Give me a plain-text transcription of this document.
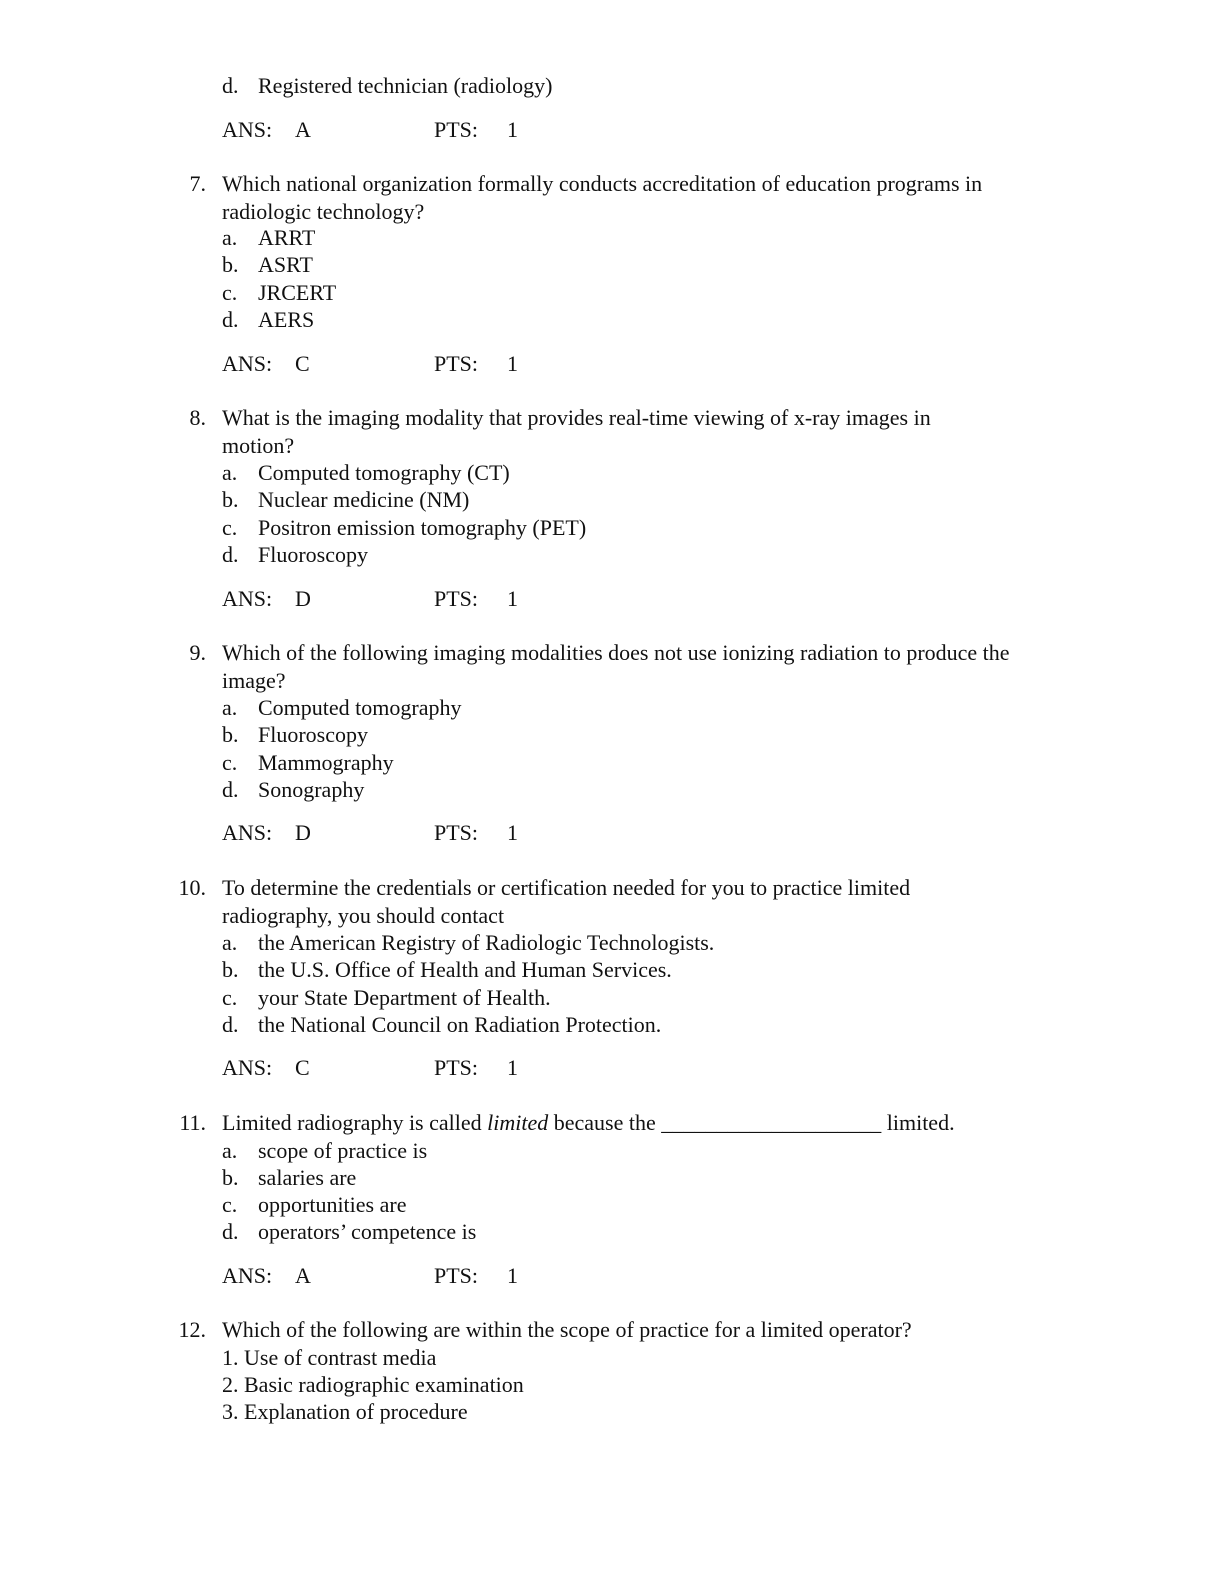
d. Registered technician (radiology)
ANS: A	PTS: 1
7. Which national organization formally conducts accreditation of education programs in radiologic technology?
a. ARRT
b. ASRT
c. JRCERT
d. AERS
ANS: C	PTS: 1
8. What is the imaging modality that provides real-time viewing of x-ray images in motion?
a. Computed tomography (CT)
b. Nuclear medicine (NM)
c. Positron emission tomography (PET)
d. Fluoroscopy
ANS: D	PTS: 1
9. Which of the following imaging modalities does not use ionizing radiation to produce the image?
a. Computed tomography
b. Fluoroscopy
c. Mammography
d. Sonography
ANS: D	PTS: 1
10. To determine the credentials or certification needed for you to practice limited radiography, you should contact
a. the American Registry of Radiologic Technologists.
b. the U.S. Office of Health and Human Services.
c. your State Department of Health.
d. the National Council on Radiation Protection.
ANS: C	PTS: 1
11. Limited radiography is called limited because the ____________________ limited.
a. scope of practice is
b. salaries are
c. opportunities are
d. operators’ competence is
ANS: A	PTS: 1
12. Which of the following are within the scope of practice for a limited operator?
1. Use of contrast media
2. Basic radiographic examination
3. Explanation of procedure
